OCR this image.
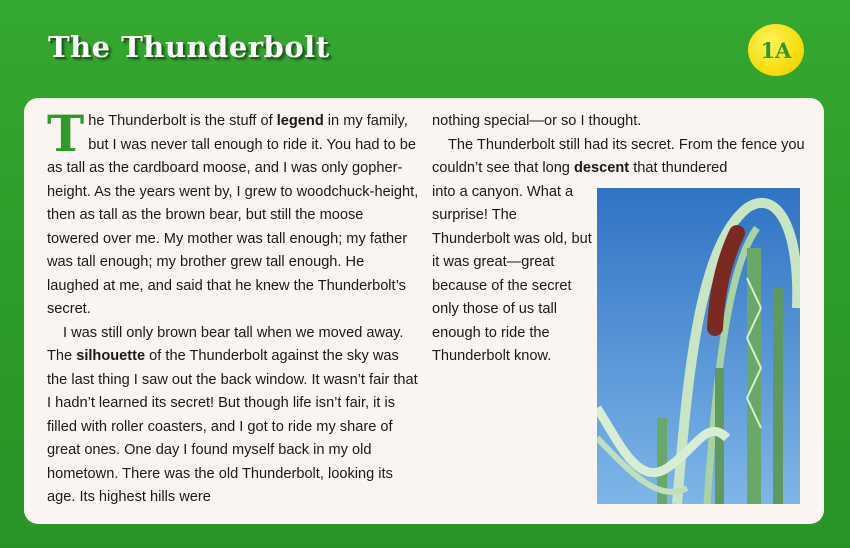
The Thunderbolt	1A

The Thunderbolt is the stuff of legend in my family, but I was never tall enough to ride it. You had to be as tall as the cardboard moose, and I was only gopher-height. As the years went by, I grew to woodchuck-height, then as tall as the brown bear, but still the moose towered over me. My mother was tall enough; my father was tall enough; my brother grew tall enough. He laughed at me, and said that he knew the Thunderbolt’s secret.

I was still only brown bear tall when we moved away. The silhouette of the Thunderbolt against the sky was the last thing I saw out the back window. It wasn’t fair that I hadn’t learned its secret! But though life isn’t fair, it is filled with roller coasters, and I got to ride my share of great ones. One day I found myself back in my old hometown. There was the old Thunderbolt, looking its age. Its highest hills were

nothing special—or so I thought.

The Thunderbolt still had its secret. From the fence you couldn’t see that long descent that thundered

into a canyon. What a surprise! The Thunderbolt was old, but it was great—great because of the secret only those of us tall enough to ride the Thunderbolt know.
